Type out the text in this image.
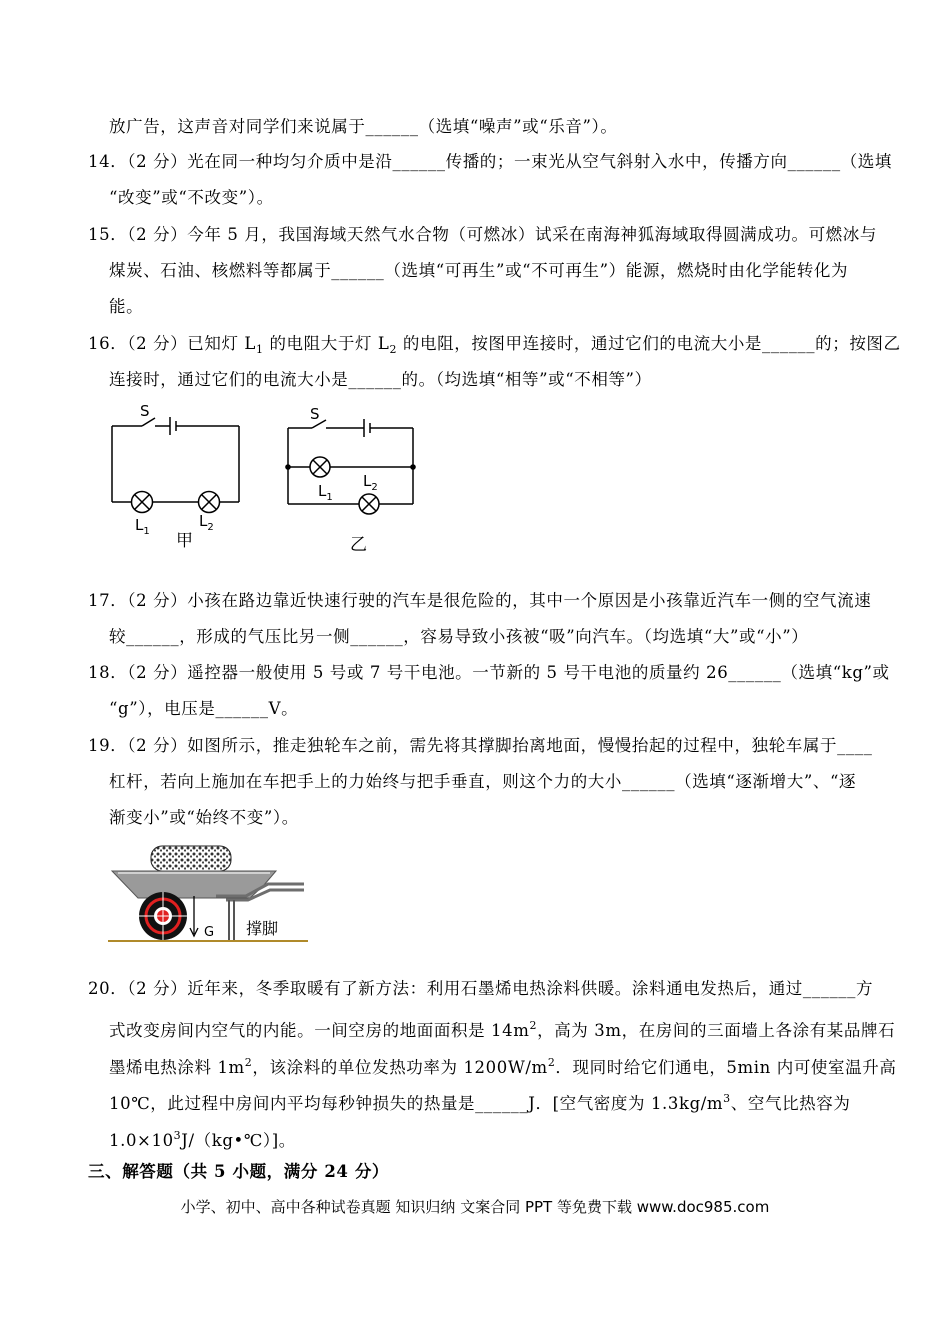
放广告，这声音对同学们来说属于______（选填“噪声”或“乐音”）。
14．（2 分）光在同一种均匀介质中是沿______传播的；一束光从空气斜射入水中，传播方向______（选填
“改变”或“不改变”）。
15．（2 分）今年 5 月，我国海域天然气水合物（可燃冰）试采在南海神狐海域取得圆满成功。可燃冰与
煤炭、石油、核燃料等都属于______（选填“可再生”或“不可再生”）能源，燃烧时由化学能转化为
能。
16．（2 分）已知灯 $L_1$ 的电阻大于灯 $L_2$ 的电阻，按图甲连接时，通过它们的电流大小是______的；按图乙
连接时，通过它们的电流大小是______的。（均选填“相等”或“不相等”）
S
$L_1$
$L_2$
甲
S
$L_1$
$L_2$
乙
17．（2 分）小孩在路边靠近快速行驶的汽车是很危险的，其中一个原因是小孩靠近汽车一侧的空气流速
较______，形成的气压比另一侧______，容易导致小孩被“吸”向汽车。（均选填“大”或“小”）
18．（2 分）遥控器一般使用 5 号或 7 号干电池。一节新的 5 号干电池的质量约 26______（选填“kg”或
“g”），电压是______V。
19．（2 分）如图所示，推走独轮车之前，需先将其撑脚抬离地面，慢慢抬起的过程中，独轮车属于____
杠杆，若向上施加在车把手上的力始终与把手垂直，则这个力的大小______（选填“逐渐增大”、“逐
渐变小”或“始终不变”）。
G 撑脚
20．（2 分）近年来，冬季取暖有了新方法：利用石墨烯电热涂料供暖。涂料通电发热后，通过______方
式改变房间内空气的内能。一间空房的地面面积是 $14m^2$，高为 3m，在房间的三面墙上各涂有某品牌石
墨烯电热涂料 $1m^2$，该涂料的单位发热功率为 $1200W/m^2$．现同时给它们通电，5min 内可使室温升高
10℃，此过程中房间内平均每秒钟损失的热量是______J．[空气密度为 $1.3kg/m^3$、空气比热容为
$1.0\times 10^3J/(kg•℃)$]。
三、解答题（共 5 小题，满分 24 分）
小学、初中、高中各种试卷真题 知识归纳 文案合同 PPT 等免费下载 www.doc985.com
